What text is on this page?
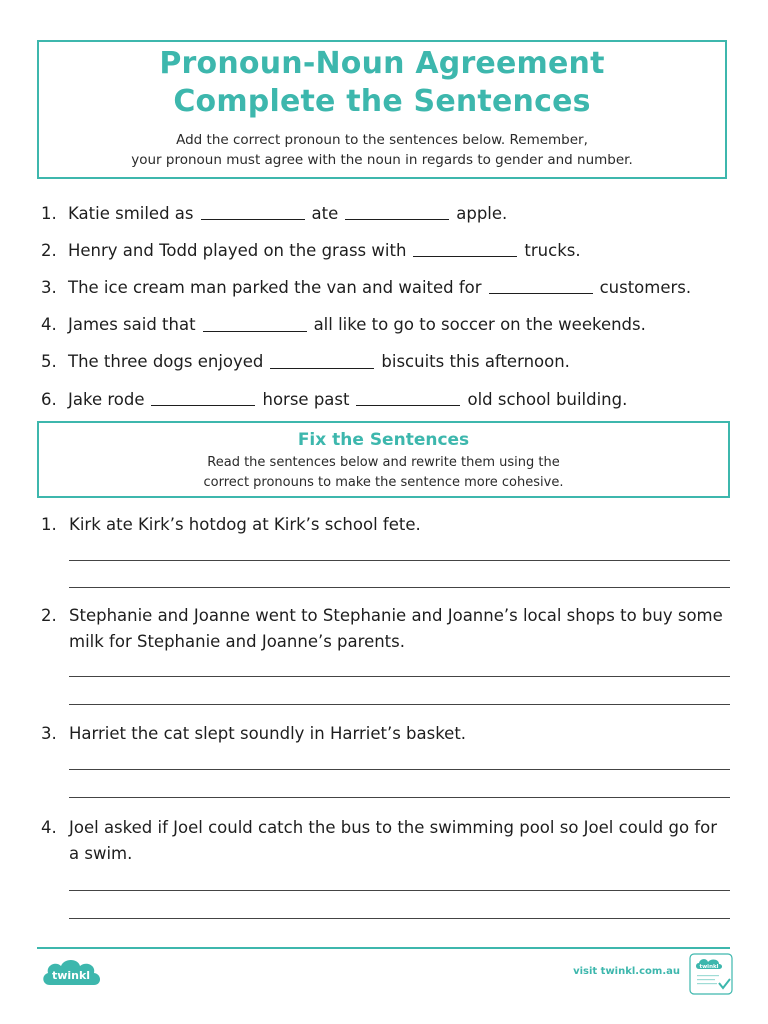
Pronoun-Noun Agreement
Complete the Sentences
Add the correct pronoun to the sentences below. Remember,
your pronoun must agree with the noun in regards to gender and number.
1. Katie smiled as	ate	apple.
2. Henry and Todd played on the grass with	trucks.
3. The ice cream man parked the van and waited for	customers.
4. James said that	all like to go to soccer on the weekends.
5. The three dogs enjoyed	biscuits this afternoon.
6. Jake rode	horse past	old school building.
Fix the Sentences
Read the sentences below and rewrite them using the
correct pronouns to make the sentence more cohesive.
1. Kirk ate Kirk’s hotdog at Kirk’s school fete.
2. Stephanie and Joanne went to Stephanie and Joanne’s local shops to buy some milk for Stephanie and Joanne’s parents.
3. Harriet the cat slept soundly in Harriet’s basket.
4. Joel asked if Joel could catch the bus to the swimming pool so Joel could go for a swim.
twinkl	visit twinkl.com.au	twinkl
